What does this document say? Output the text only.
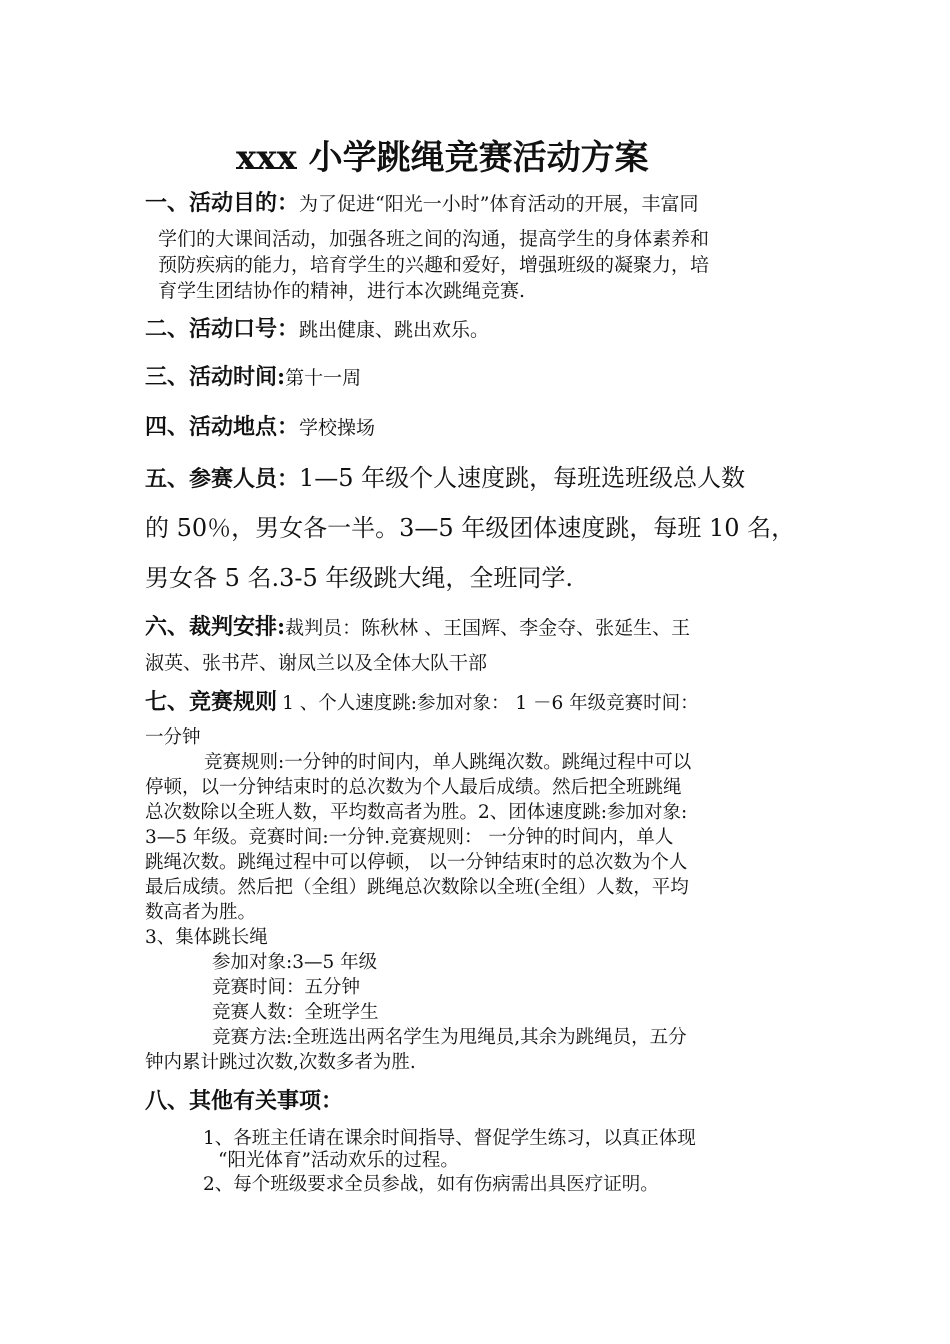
xxx 小学跳绳竞赛活动方案
一、活动目的：为了促进“阳光一小时”体育活动的开展，丰富同
学们的大课间活动，加强各班之间的沟通，提高学生的身体素养和
预防疾病的能力，培育学生的兴趣和爱好，增强班级的凝聚力，培
育学生团结协作的精神，进行本次跳绳竞赛.
二、活动口号：跳出健康、跳出欢乐。
三、活动时间:第十一周
四、活动地点：学校操场
五、参赛人员：1—5 年级个人速度跳，每班选班级总人数
的 50％，男女各一半。3—5 年级团体速度跳，每班 10 名，
男女各 5 名.3-5 年级跳大绳，全班同学.
六、裁判安排:裁判员：陈秋林 、王国辉、李金夺、张延生、王
淑英、张书芹、谢凤兰以及全体大队干部
七、竞赛规则 1 、个人速度跳:参加对象： 1 －6 年级竞赛时间：
一分钟
竞赛规则:一分钟的时间内，单人跳绳次数。跳绳过程中可以
停顿，以一分钟结束时的总次数为个人最后成绩。然后把全班跳绳
总次数除以全班人数，平均数高者为胜。2、团体速度跳:参加对象:
3—5 年级。竞赛时间:一分钟.竞赛规则： 一分钟的时间内，单人
跳绳次数。跳绳过程中可以停顿， 以一分钟结束时的总次数为个人
最后成绩。然后把（全组）跳绳总次数除以全班(全组）人数，平均
数高者为胜。
3、集体跳长绳
参加对象:3—5 年级
竞赛时间：五分钟
竞赛人数：全班学生
竞赛方法:全班选出两名学生为甩绳员,其余为跳绳员，五分
钟内累计跳过次数,次数多者为胜.
八、其他有关事项：
1、各班主任请在课余时间指导、督促学生练习，以真正体现
“阳光体育”活动欢乐的过程。
2、每个班级要求全员参战，如有伤病需出具医疗证明。
